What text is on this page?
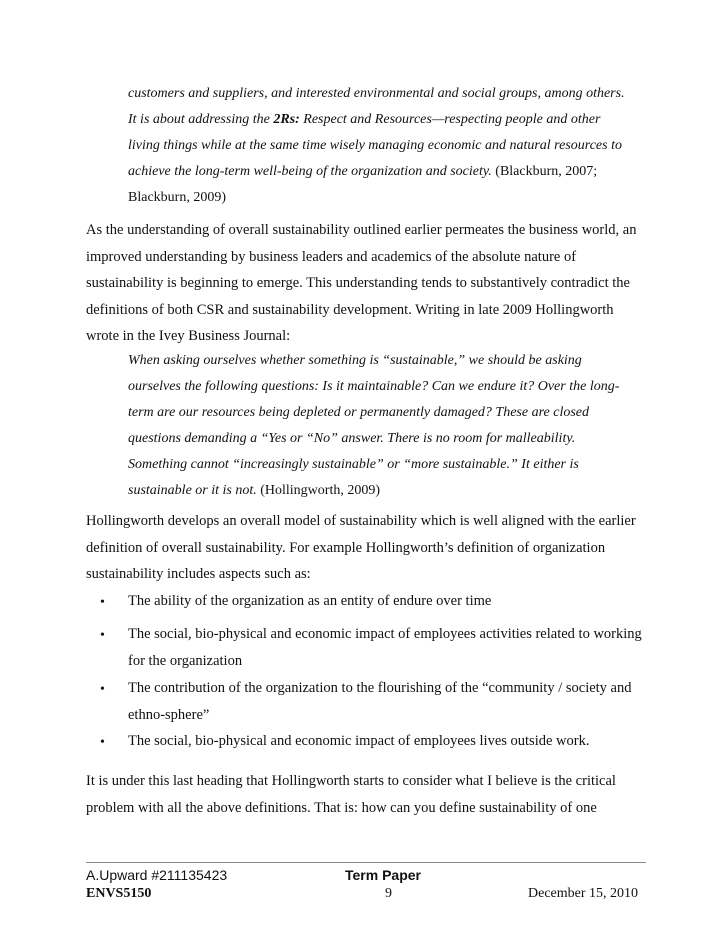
customers and suppliers, and interested environmental and social groups, among others.
It is about addressing the 2Rs: Respect and Resources—respecting people and other
living things while at the same time wisely managing economic and natural resources to
achieve the long-term well-being of the organization and society. (Blackburn, 2007;
Blackburn, 2009)
As the understanding of overall sustainability outlined earlier permeates the business world, an
improved understanding by business leaders and academics of the absolute nature of
sustainability is beginning to emerge. This understanding tends to substantively contradict the
definitions of both CSR and sustainability development. Writing in late 2009 Hollingworth
wrote in the Ivey Business Journal:
When asking ourselves whether something is “sustainable,” we should be asking
ourselves the following questions: Is it maintainable? Can we endure it? Over the long-
term are our resources being depleted or permanently damaged? These are closed
questions demanding a “Yes or “No” answer. There is no room for malleability.
Something cannot “increasingly sustainable” or “more sustainable.” It either is
sustainable or it is not. (Hollingworth, 2009)
Hollingworth develops an overall model of sustainability which is well aligned with the earlier
definition of overall sustainability. For example Hollingworth’s definition of organization
sustainability includes aspects such as:
• The ability of the organization as an entity of endure over time
• The social, bio-physical and economic impact of employees activities related to working
for the organization
• The contribution of the organization to the flourishing of the “community / society and
ethno-sphere”
• The social, bio-physical and economic impact of employees lives outside work.
It is under this last heading that Hollingworth starts to consider what I believe is the critical
problem with all the above definitions. That is: how can you define sustainability of one
A.Upward #211135423	Term Paper
ENVS5150	9	December 15, 2010
